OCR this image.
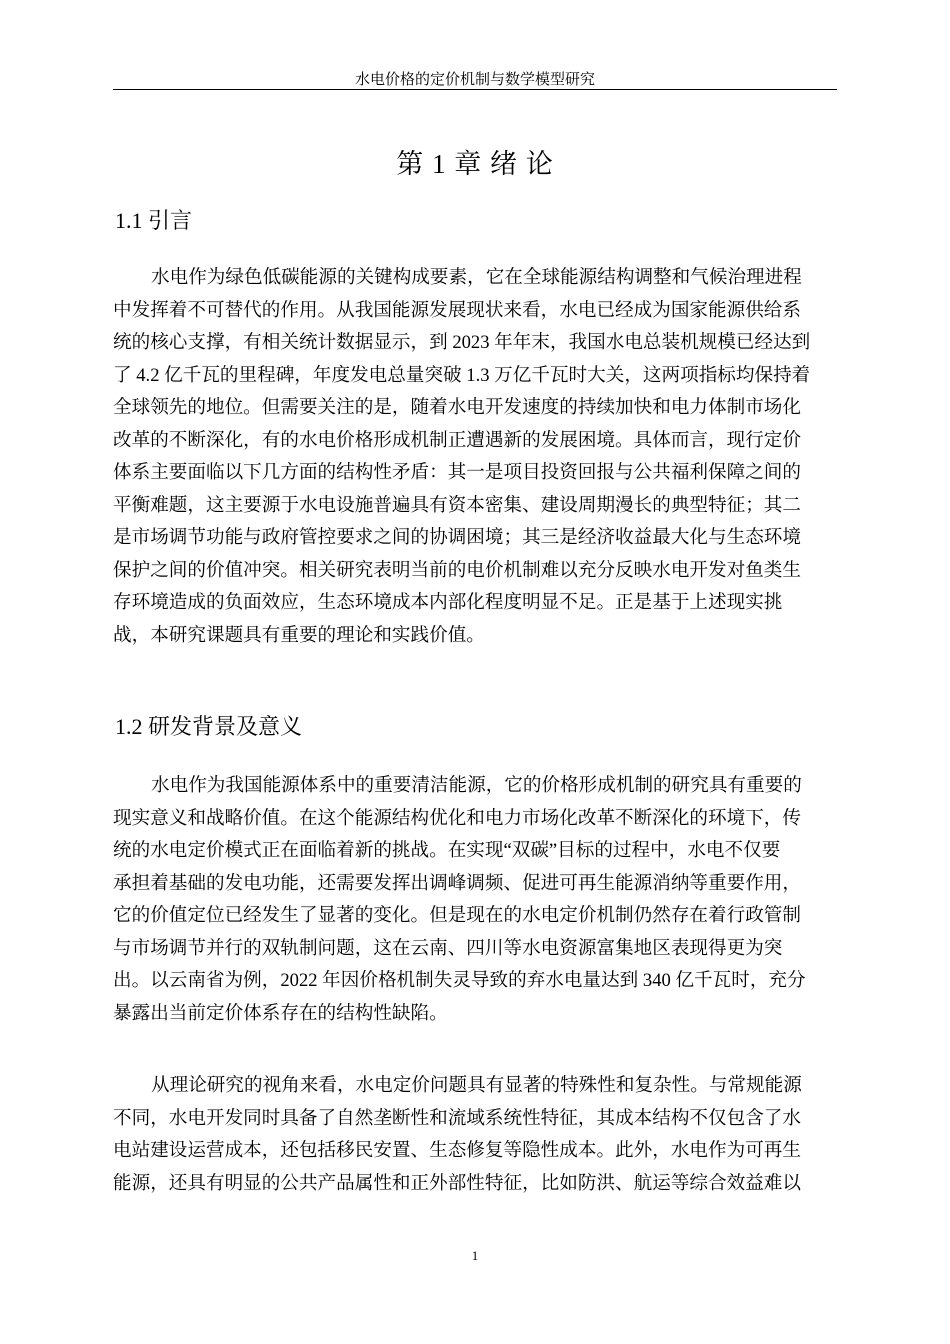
水电价格的定价机制与数学模型研究
第 1 章 绪 论
1.1 引言
水电作为绿色低碳能源的关键构成要素，它在全球能源结构调整和气候治理进程
中发挥着不可替代的作用。从我国能源发展现状来看，水电已经成为国家能源供给系
统的核心支撑，有相关统计数据显示，到 2023 年年末，我国水电总装机规模已经达到
了 4.2 亿千瓦的里程碑，年度发电总量突破 1.3 万亿千瓦时大关，这两项指标均保持着
全球领先的地位。但需要关注的是，随着水电开发速度的持续加快和电力体制市场化
改革的不断深化，有的水电价格形成机制正遭遇新的发展困境。具体而言，现行定价
体系主要面临以下几方面的结构性矛盾：其一是项目投资回报与公共福利保障之间的
平衡难题，这主要源于水电设施普遍具有资本密集、建设周期漫长的典型特征；其二
是市场调节功能与政府管控要求之间的协调困境；其三是经济收益最大化与生态环境
保护之间的价值冲突。相关研究表明当前的电价机制难以充分反映水电开发对鱼类生
存环境造成的负面效应，生态环境成本内部化程度明显不足。正是基于上述现实挑
战，本研究课题具有重要的理论和实践价值。
1.2 研发背景及意义
水电作为我国能源体系中的重要清洁能源，它的价格形成机制的研究具有重要的
现实意义和战略价值。在这个能源结构优化和电力市场化改革不断深化的环境下，传
统的水电定价模式正在面临着新的挑战。在实现“双碳”目标的过程中，水电不仅要
承担着基础的发电功能，还需要发挥出调峰调频、促进可再生能源消纳等重要作用，
它的价值定位已经发生了显著的变化。但是现在的水电定价机制仍然存在着行政管制
与市场调节并行的双轨制问题，这在云南、四川等水电资源富集地区表现得更为突
出。以云南省为例，2022 年因价格机制失灵导致的弃水电量达到 340 亿千瓦时，充分
暴露出当前定价体系存在的结构性缺陷。
从理论研究的视角来看，水电定价问题具有显著的特殊性和复杂性。与常规能源
不同，水电开发同时具备了自然垄断性和流域系统性特征，其成本结构不仅包含了水
电站建设运营成本，还包括移民安置、生态修复等隐性成本。此外，水电作为可再生
能源，还具有明显的公共产品属性和正外部性特征，比如防洪、航运等综合效益难以
1
